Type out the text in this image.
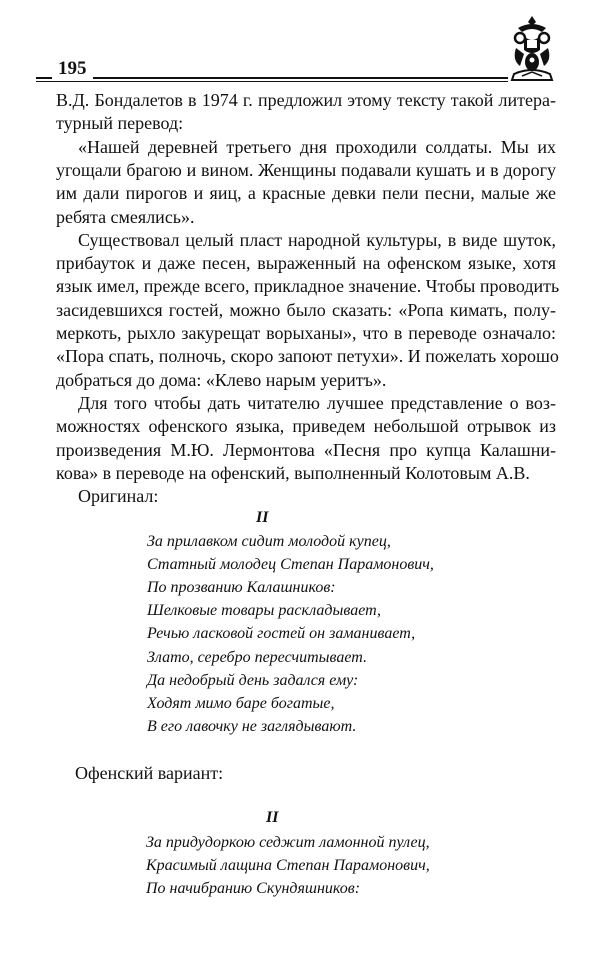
195
В.Д. Бондалетов в 1974 г. предложил этому тексту такой литера-
турный перевод:
«Нашей деревней третьего дня проходили солдаты. Мы их
угощали брагою и вином. Женщины подавали кушать и в дорогу
им дали пирогов и яиц, а красные девки пели песни, малые же
ребята смеялись».
Существовал целый пласт народной культуры, в виде шуток,
прибауток и даже песен, выраженный на офенском языке, хотя
язык имел, прежде всего, прикладное значение. Чтобы проводить
засидевшихся гостей, можно было сказать: «Ропа кимать, полу-
меркоть, рыхло закурещат ворыханы», что в переводе означало:
«Пора спать, полночь, скоро запоют петухи». И пожелать хорошо
добраться до дома: «Клево нарым уеритъ».
Для того чтобы дать читателю лучшее представление о воз-
можностях офенского языка, приведем небольшой отрывок из
произведения М.Ю. Лермонтова «Песня про купца Калашни-
кова» в переводе на офенский, выполненный Колотовым А.В.
Оригинал:
II
За прилавком сидит молодой купец,
Статный молодец Степан Парамонович,
По прозванию Калашников:
Шелковые товары раскладывает,
Речью ласковой гостей он заманивает,
Злато, серебро пересчитывает.
Да недобрый день задался ему:
Ходят мимо баре богатые,
В его лавочку не заглядывают.
Офенский вариант:
II
За придудоркою седжит ламонной пулец,
Красимый лащина Степан Парамонович,
По начибранию Скундяшников:
